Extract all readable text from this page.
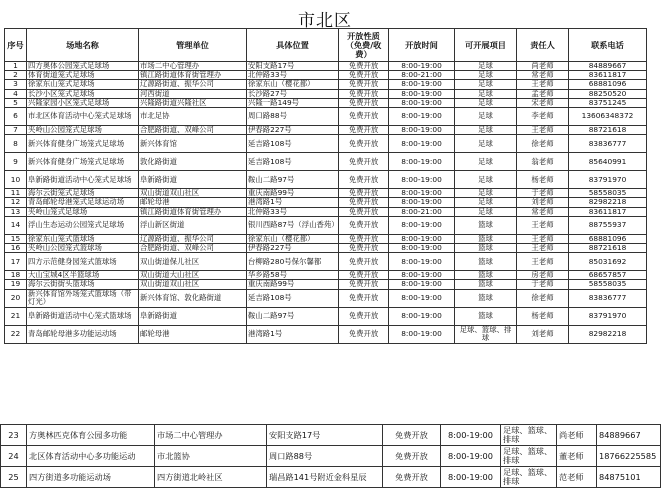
市北区
序号	场地名称	管理单位	具体位置	开放性质（免费/收费）	开放时间	可开展项目	责任人	联系电话
1	四方奥体公园笼式足球场	市场二中心管理办	安阳支路17号	免费开放	8:00-19:00	足球	尚老师	84889667
2	体育街道笼式足球场	镇江路街道体育街管理办	北仲路33号	免费开放	8:00-21:00	足球	常老师	83611817
3	徐家东山笼式足球场	辽源路街道、振华公司	徐家东山（樱花都）	免费开放	8:00-19:00	足球	王老师	68881096
4	长沙小区笼式足球场	河西街道	长沙路27号	免费开放	8:00-19:00	足球	孟老师	88250520
5	兴隆家园小区笼式足球场	兴隆路街道兴隆社区	兴隆一路149号	免费开放	8:00-19:00	足球	宋老师	83751245
6	市北区体育活动中心笼式足球场	市北足协	周口路88号	免费开放	8:00-19:00	足球	李老师	13606348372
7	夹岭山公园笼式足球场	合肥路街道、双峰公司	伊春路227号	免费开放	8:00-19:00	足球	王老师	88721618
8	新兴体育健身广场笼式足球场	新兴体育馆	延吉路108号	免费开放	8:00-19:00	足球	徐老师	83836777
9	新兴体育健身广场笼式足球场	敦化路街道	延吉路108号	免费开放	8:00-19:00	足球	翁老师	85640991
10	阜新路街道活动中心笼式足球场	阜新路街道	鞍山二路97号	免费开放	8:00-19:00	足球	杨老师	83791970
11	海尔云街笼式足球场	双山街道双山社区	重庆南路99号	免费开放	8:00-19:00	足球	于老师	58558035
12	青岛邮轮母港笼式足球运动场	邮轮母港	港湾路1号	免费开放	8:00-19:00	足球	刘老师	82982218
13	夹岭山笼式足球场	镇江路街道体育街管理办	北仲路33号	免费开放	8:00-21:00	足球	常老师	83611817
14	浮山生态运动公园笼式足球场	浮山新区街道	银川西路87号（浮山香苑）	免费开放	8:00-19:00	篮球	王老师	88755937
15	徐家东山笼式篮球场	辽源路街道、振华公司	徐家东山（樱花都）	免费开放	8:00-19:00	篮球	王老师	68881096
16	夹岭山公园笼式篮球场	合肥路街道、双峰公司	伊春路227号	免费开放	8:00-19:00	篮球	王老师	88721618
17	四方示范健身园笼式篮球场	双山街道保儿社区	台柳路280号保尔馨都	免费开放	8:00-19:00	篮球	王老师	85031692
18	大山宝城4区半篮球场	双山街道大山社区	华乡路58号	免费开放	8:00-19:00	篮球	房老师	68657857
19	海尔云街街头篮球场	双山街道双山社区	重庆南路99号	免费开放	8:00-19:00	篮球	于老师	58558035
20	新兴体育馆外场笼式篮球场（带灯光）	新兴体育馆、敦化路街道	延吉路108号	免费开放	8:00-19:00	篮球	徐老师	83836777
21	阜新路街道活动中心笼式篮球场	阜新路街道	鞍山二路97号	免费开放	8:00-19:00	篮球	杨老师	83791970
22	青岛邮轮母港多功能运动场	邮轮母港	港湾路1号	免费开放	8:00-19:00	足球、篮球、排球	刘老师	82982218
23	方奥林匹克体育公园多功能	市场二中心管理办	安阳支路17号	免费开放	8:00-19:00	足球、篮球、排球	尚老师	84889667
24	北区体育活动中心多功能运动	市北篮协	周口路88号	免费开放	8:00-19:00	足球、篮球、排球	董老师	18766225585
25	四方街道多功能运动场	四方街道北岭社区	瑞昌路141号附近金科星辰	免费开放	8:00-19:00	足球、篮球、排球	范老师	84875101
